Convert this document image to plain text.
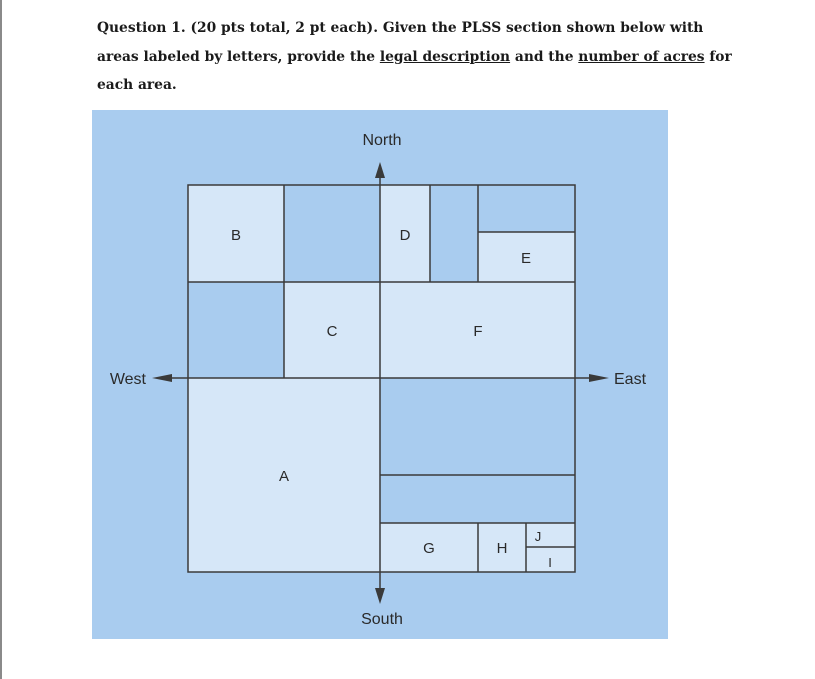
Question 1. (20 pts total, 2 pt each). Given the PLSS section shown below with areas labeled by letters, provide the legal description and the number of acres for each area.
North
South
West	East
B	D
E
C	F
A
G	H
J
I
